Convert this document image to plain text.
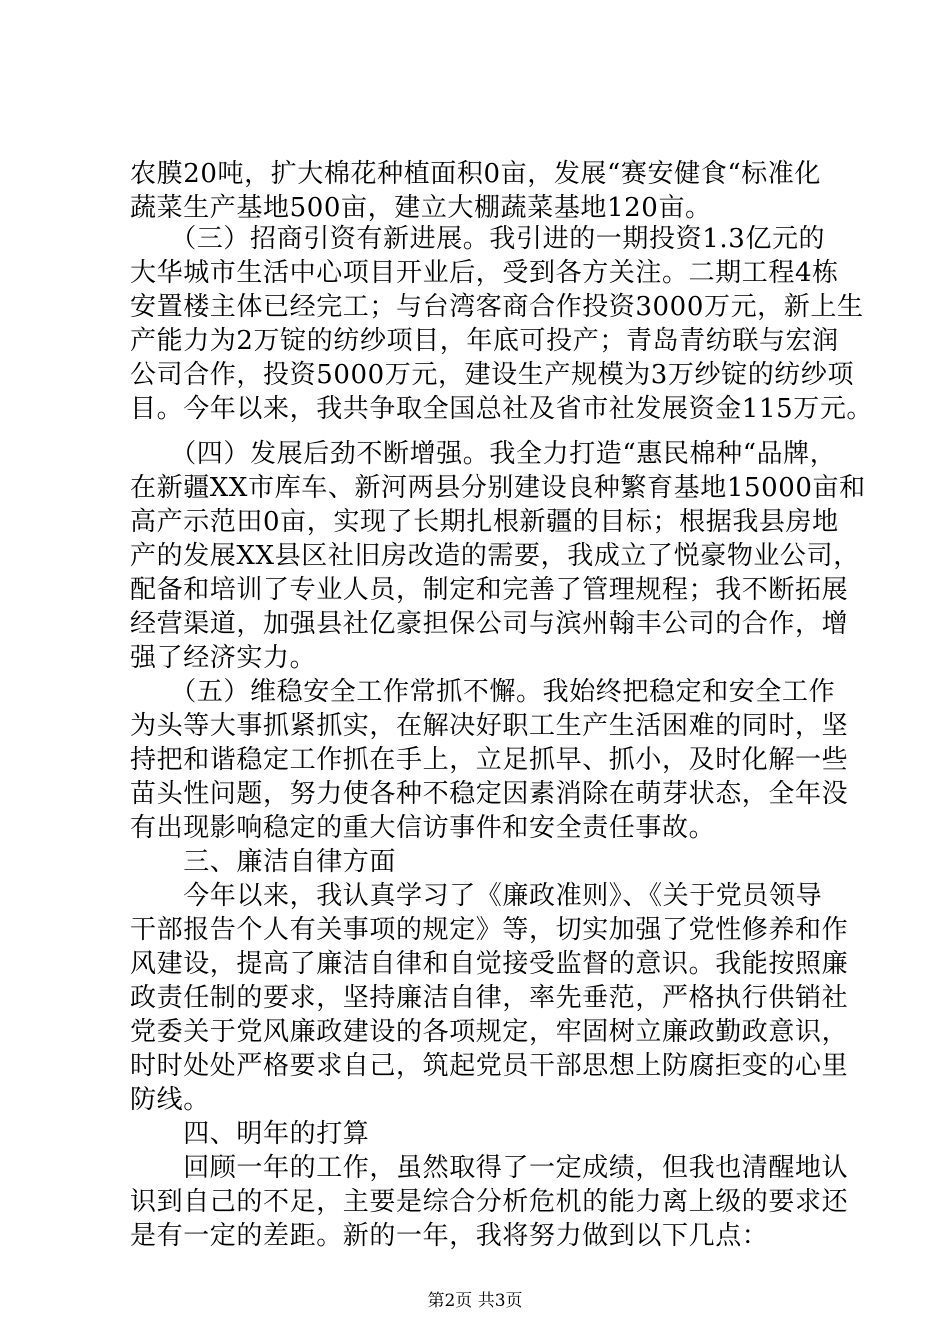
农膜20吨，扩大棉花种植面积0亩，发展“赛安健食“标准化
蔬菜生产基地500亩，建立大棚蔬菜基地120亩。
　　（三）招商引资有新进展。我引进的一期投资1.3亿元的
大华城市生活中心项目开业后，受到各方关注。二期工程4栋
安置楼主体已经完工；与台湾客商合作投资3000万元，新上生
产能力为2万锭的纺纱项目，年底可投产；青岛青纺联与宏润
公司合作，投资5000万元，建设生产规模为3万纱锭的纺纱项
目。今年以来，我共争取全国总社及省市社发展资金115万元。
　　（四）发展后劲不断增强。我全力打造“惠民棉种“品牌，
在新疆XX市库车、新河两县分别建设良种繁育基地15000亩和
高产示范田0亩，实现了长期扎根新疆的目标；根据我县房地
产的发展XX县区社旧房改造的需要，我成立了悦豪物业公司，
配备和培训了专业人员，制定和完善了管理规程；我不断拓展
经营渠道，加强县社亿豪担保公司与滨州翰丰公司的合作，增
强了经济实力。
　　（五）维稳安全工作常抓不懈。我始终把稳定和安全工作
为头等大事抓紧抓实，在解决好职工生产生活困难的同时，坚
持把和谐稳定工作抓在手上，立足抓早、抓小，及时化解一些
苗头性问题，努力使各种不稳定因素消除在萌芽状态，全年没
有出现影响稳定的重大信访事件和安全责任事故。
　　三、廉洁自律方面
　　今年以来，我认真学习了《廉政准则》、《关于党员领导
干部报告个人有关事项的规定》等，切实加强了党性修养和作
风建设，提高了廉洁自律和自觉接受监督的意识。我能按照廉
政责任制的要求，坚持廉洁自律，率先垂范，严格执行供销社
党委关于党风廉政建设的各项规定，牢固树立廉政勤政意识，
时时处处严格要求自己，筑起党员干部思想上防腐拒变的心里
防线。
　　四、明年的打算
　　回顾一年的工作，虽然取得了一定成绩，但我也清醒地认
识到自己的不足，主要是综合分析危机的能力离上级的要求还
是有一定的差距。新的一年，我将努力做到以下几点：
第2页 共3页
